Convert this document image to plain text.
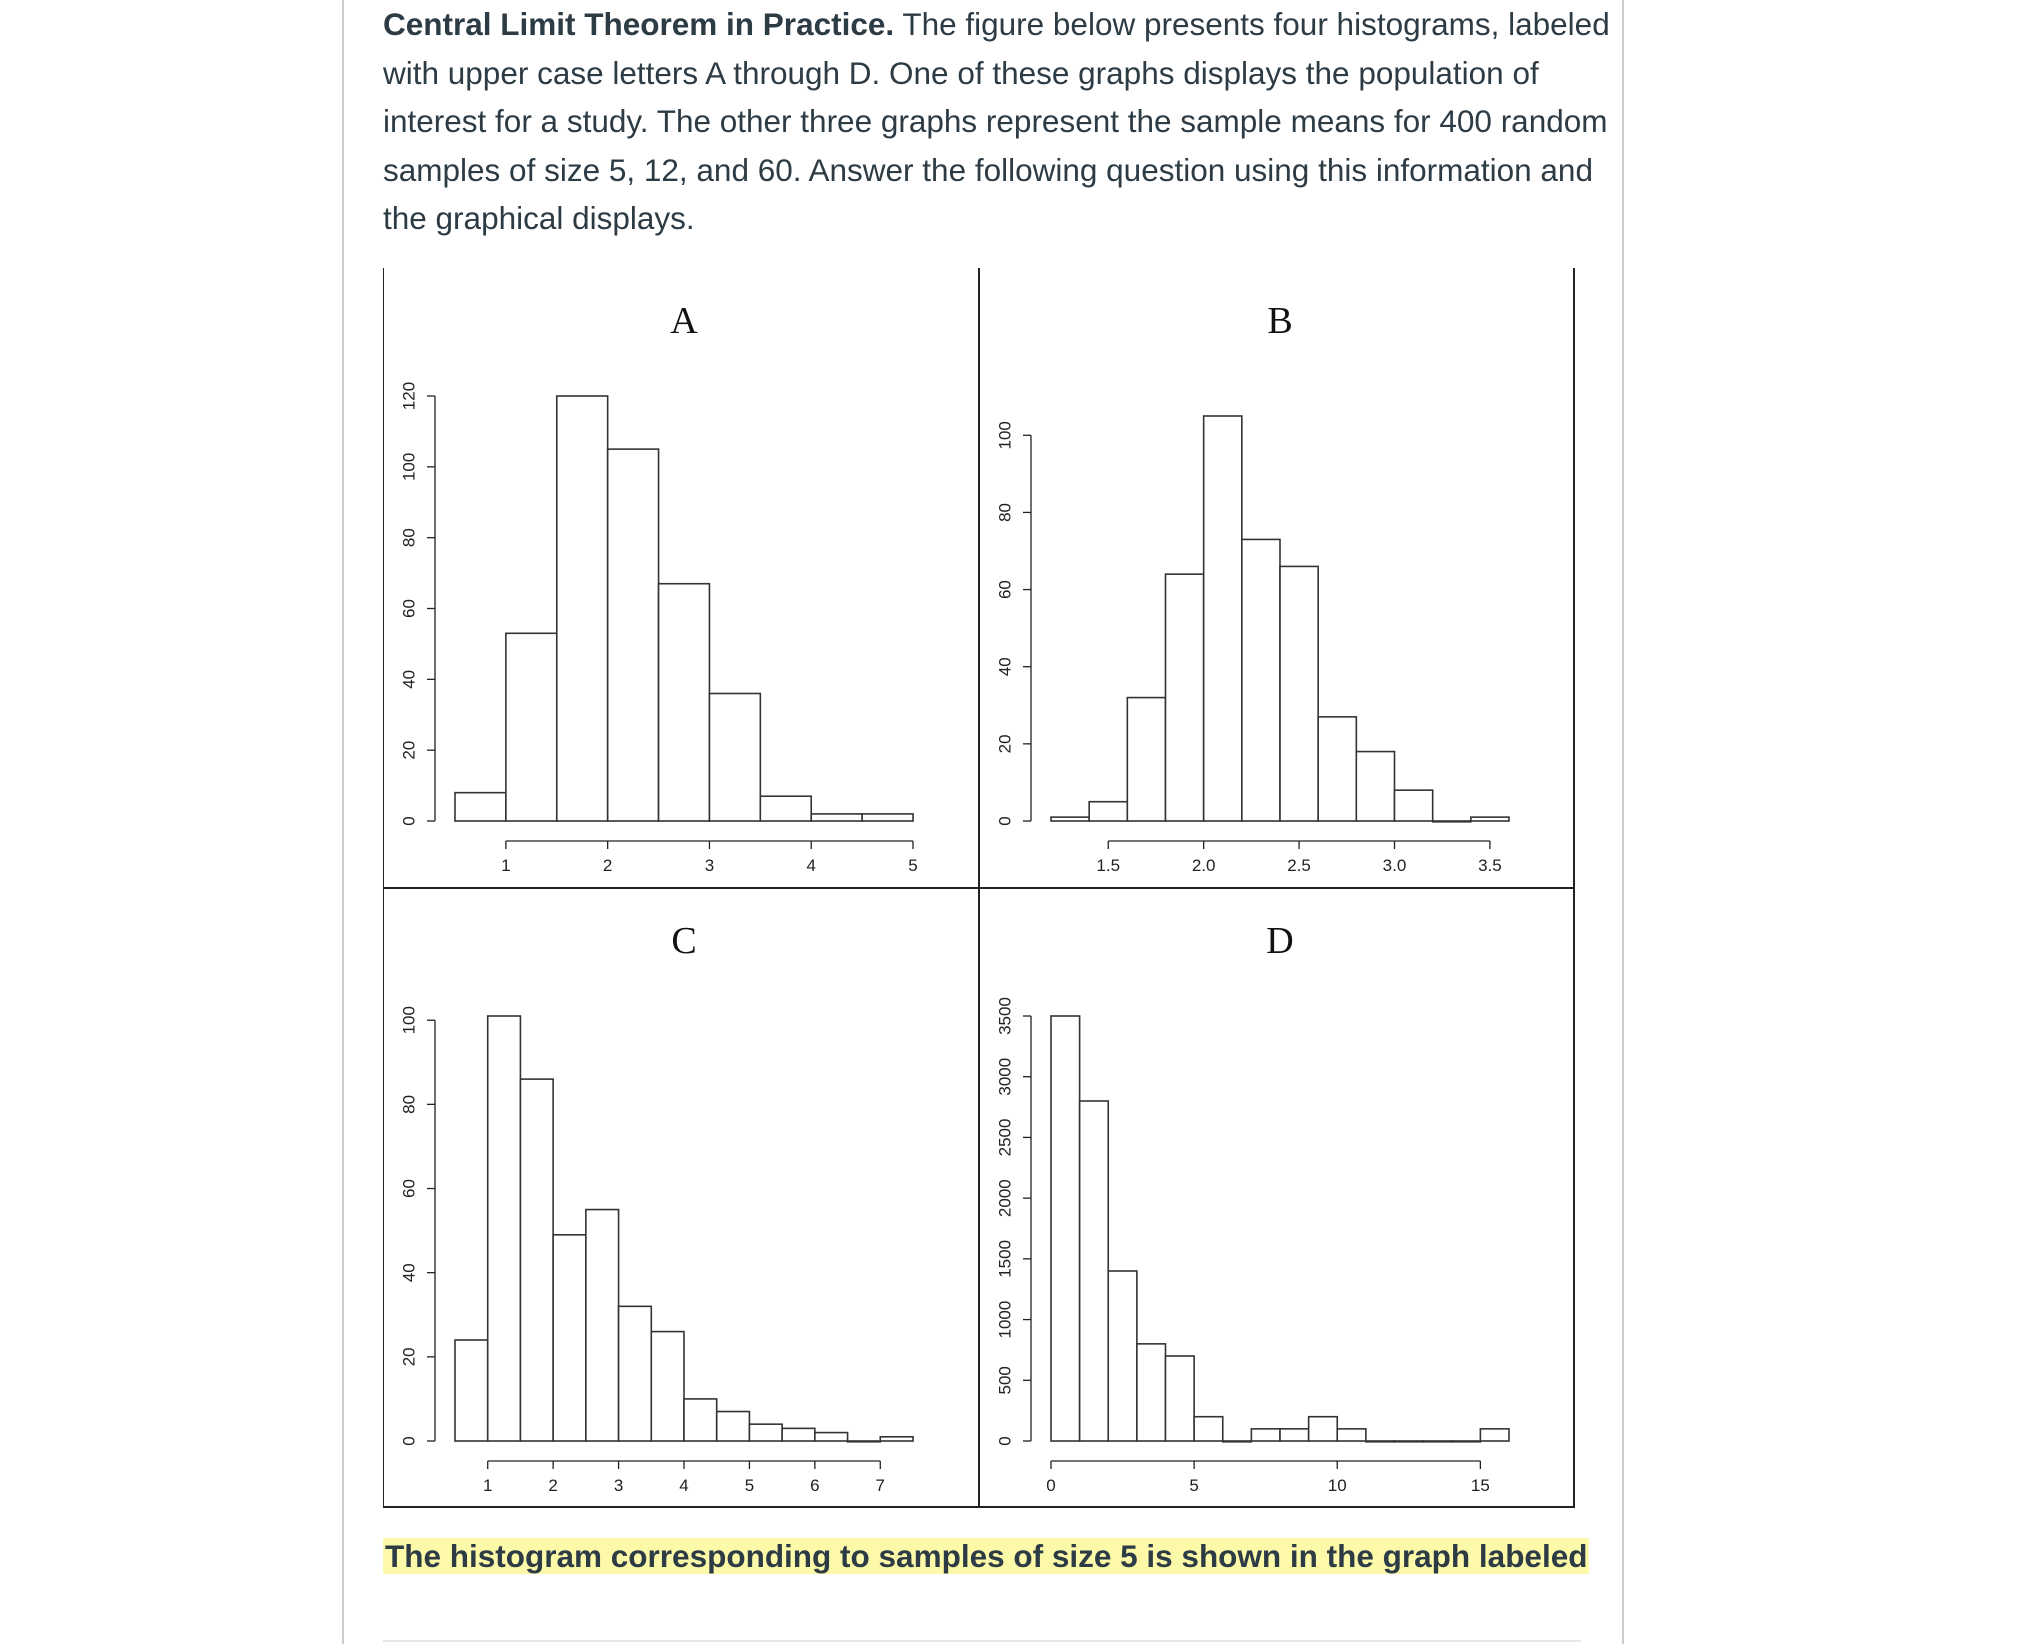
Central Limit Theorem in Practice. The figure below presents four histograms, labeled with upper case letters A through D. One of these graphs displays the population of interest for a study. The other three graphs represent the sample means for 400 random samples of size 5, 12, and 60. Answer the following question using this information and the graphical displays.
A
0
20
40
60
80
100
120
1	2	3	4	5
B
0
20
40
60
80
100
1.5	2.0	2.5	3.0	3.5
C
0
20
40
60
80
100
1	2	3	4	5	6	7
D
0
500
1000
1500
2000
2500
3000
3500
0	5	10	15
The histogram corresponding to samples of size 5 is shown in the graph labeled
